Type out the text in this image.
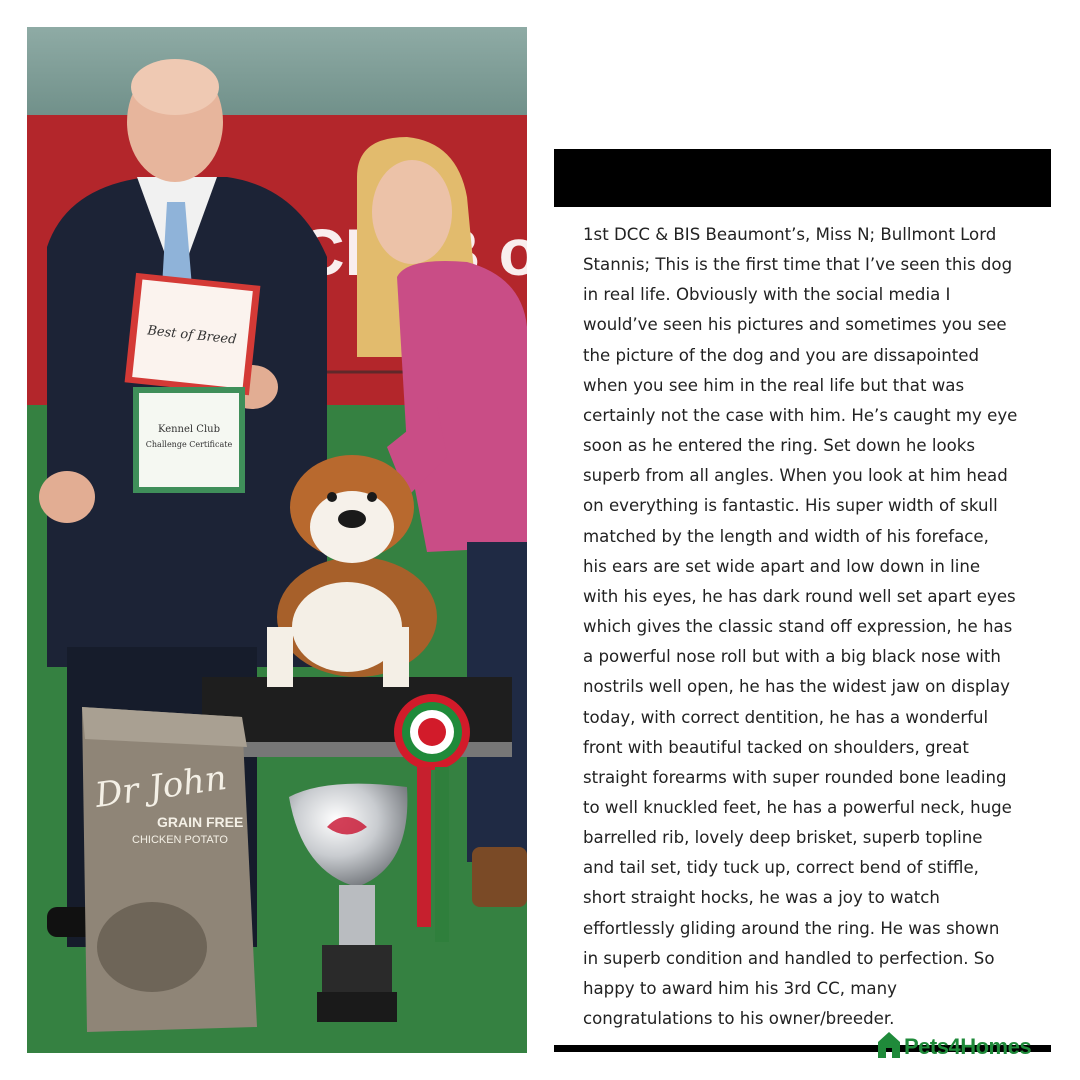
of
Best of Breed
Kennel Club
Challenge Certificate
Dr John
GRAIN FREE
CHICKEN POTATO
1st DCC & BIS Beaumont’s, Miss N; Bullmont Lord
Stannis; This is the first time that I’ve seen this dog
in real life. Obviously with the social media I
would’ve seen his pictures and sometimes you see
the picture of the dog and you are dissapointed
when you see him in the real life but that was
certainly not the case with him. He’s caught my eye
soon as he entered the ring. Set down he looks
superb from all angles. When you look at him head
on everything is fantastic. His super width of skull
matched by the length and width of his foreface,
his ears are set wide apart and low down in line
with his eyes, he has dark round well set apart eyes
which gives the classic stand off expression, he has
a powerful nose roll but with a big black nose with
nostrils well open, he has the widest jaw on display
today, with correct dentition, he has a wonderful
front with beautiful tacked on shoulders, great
straight forearms with super rounded bone leading
to well knuckled feet, he has a powerful neck, huge
barrelled rib, lovely deep brisket, superb topline
and tail set, tidy tuck up, correct bend of stiffle,
short straight hocks, he was a joy to watch
effortlessly gliding around the ring. He was shown
in superb condition and handled to perfection. So
happy to award him his 3rd CC, many
congratulations to his owner/breeder.
Pets4Homes
